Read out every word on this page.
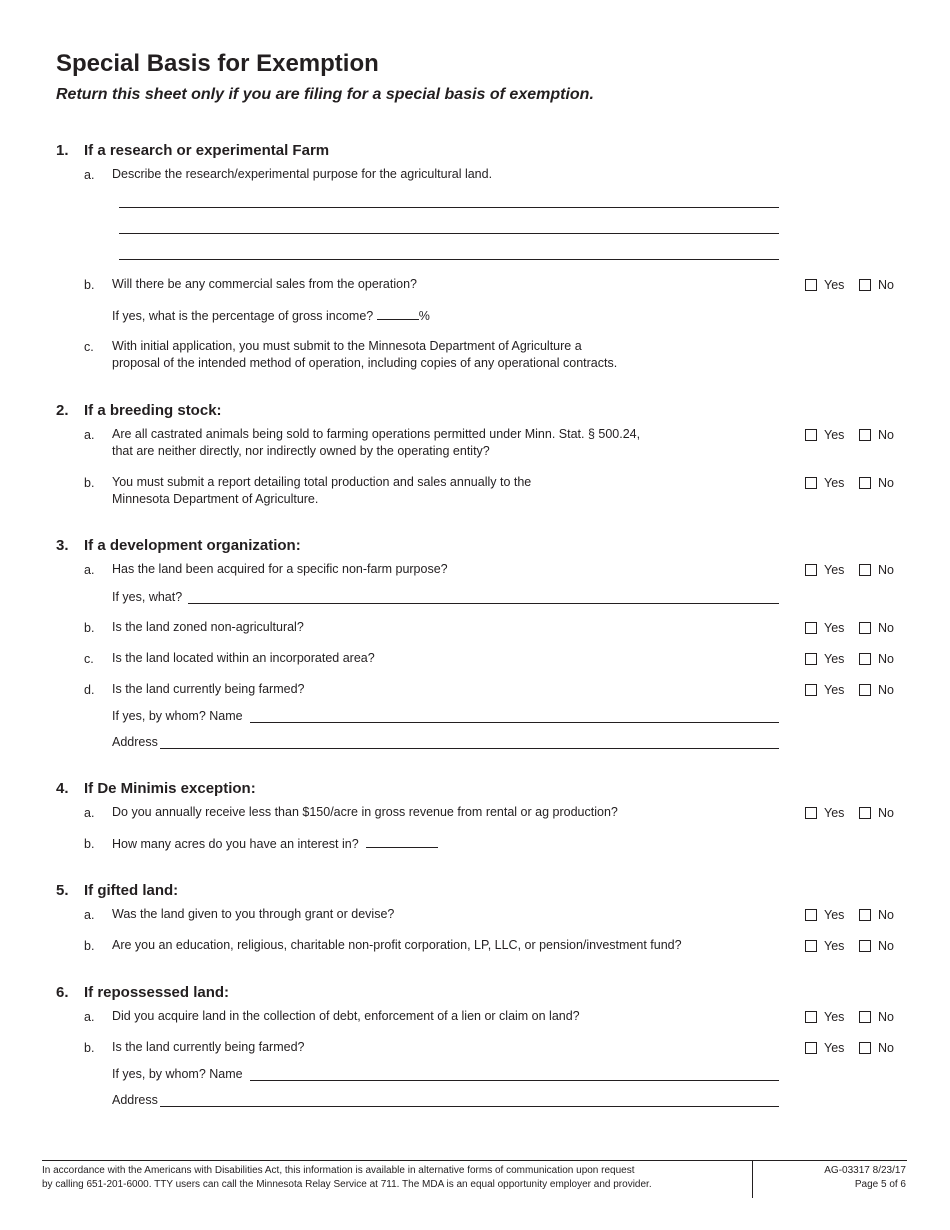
Special Basis for Exemption
Return this sheet only if you are filing for a special basis of exemption.
1. If a research or experimental Farm
a. Describe the research/experimental purpose for the agricultural land.
b. Will there be any commercial sales from the operation?	Yes	No
If yes, what is the percentage of gross income?	%
c. With initial application, you must submit to the Minnesota Department of Agriculture a
proposal of the intended method of operation, including copies of any operational contracts.
2. If a breeding stock:
a. Are all castrated animals being sold to farming operations permitted under Minn. Stat. § 500.24,
that are neither directly, nor indirectly owned by the operating entity?
Yes	No
b. You must submit a report detailing total production and sales annually to the
Minnesota Department of Agriculture.
Yes	No
3. If a development organization:
a. Has the land been acquired for a specific non-farm purpose?	Yes	No
If yes, what?
b. Is the land zoned non-agricultural?	Yes	No
c. Is the land located within an incorporated area?	Yes	No
d. Is the land currently being farmed?	Yes	No
If yes, by whom? Name
Address
4. If De Minimis exception:
a. Do you annually receive less than $150/acre in gross revenue from rental or ag production?	Yes	No
b. How many acres do you have an interest in?
5. If gifted land:
a. Was the land given to you through grant or devise?	Yes	No
b. Are you an education, religious, charitable non-profit corporation, LP, LLC, or pension/investment fund?	Yes	No
6. If repossessed land:
a. Did you acquire land in the collection of debt, enforcement of a lien or claim on land?	Yes	No
b. Is the land currently being farmed?	Yes	No
If yes, by whom? Name
Address
In accordance with the Americans with Disabilities Act, this information is available in alternative forms of communication upon request
by calling 651-201-6000. TTY users can call the Minnesota Relay Service at 711. The MDA is an equal opportunity employer and provider.
AG-03317 8/23/17
Page 5 of 6
